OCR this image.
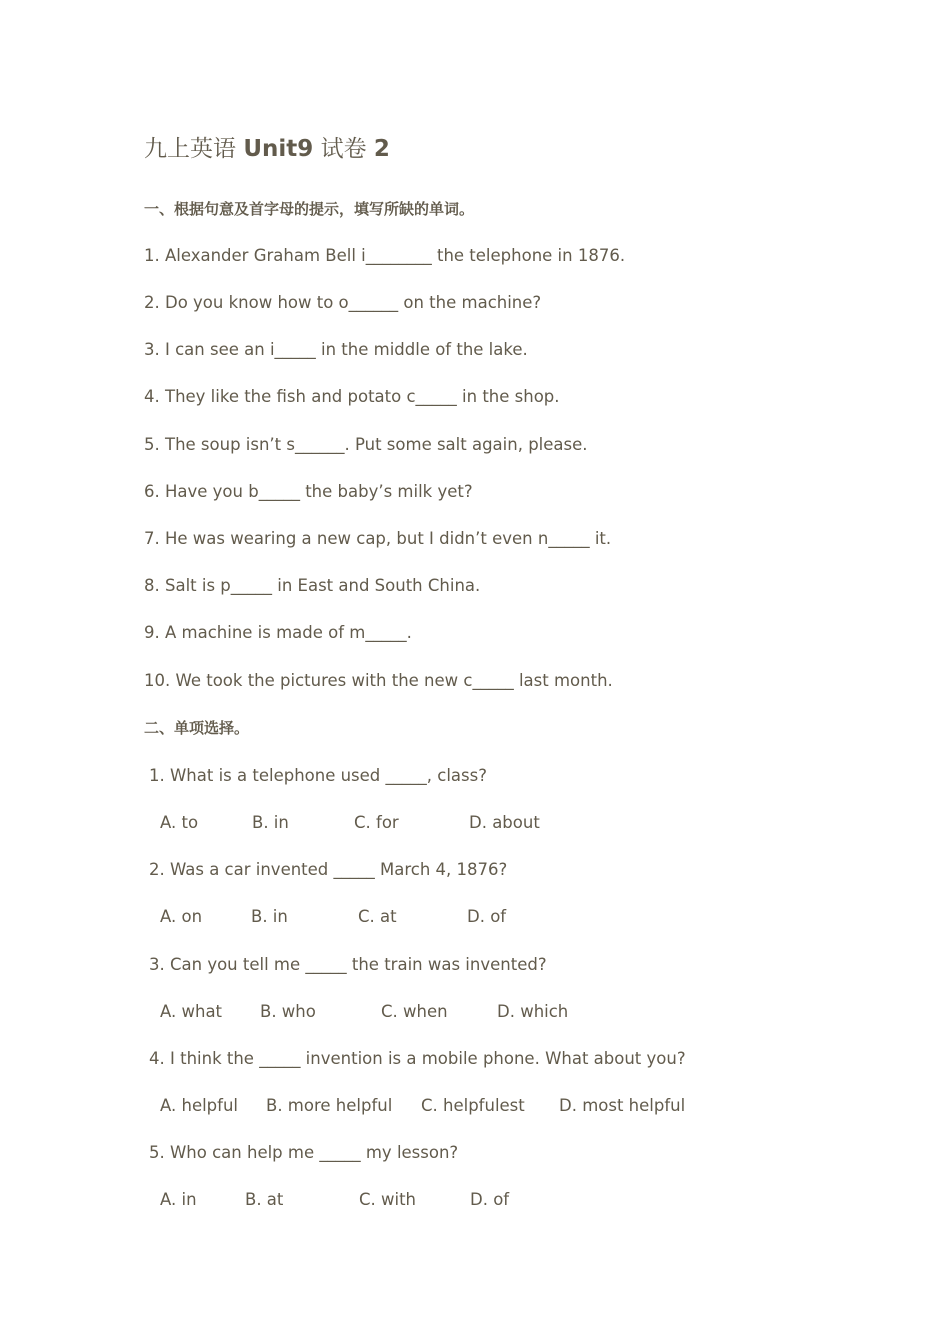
九上英语 Unit9 试卷 2
一、根据句意及首字母的提示，填写所缺的单词。
1. Alexander Graham Bell i________ the telephone in 1876.
2. Do you know how to o______ on the machine?
3. I can see an i_____ in the middle of the lake.
4. They like the fish and potato c_____ in the shop.
5. The soup isn’t s______. Put some salt again, please.
6. Have you b_____ the baby’s milk yet?
7. He was wearing a new cap, but I didn’t even n_____ it.
8. Salt is p_____ in East and South China.
9. A machine is made of m_____.
10. We took the pictures with the new c_____ last month.
二、单项选择。
1. What is a telephone used _____, class?
A. to	B. in	C. for	D. about
2. Was a car invented _____ March 4, 1876?
A. on	B. in	C. at	D. of
3. Can you tell me _____ the train was invented?
A. what B. who	C. when	D. which
4. I think the _____ invention is a mobile phone. What about you?
A. helpful B. more helpful C. helpfulest D. most helpful
5. Who can help me _____ my lesson?
A. in	B. at	C. with	D. of
